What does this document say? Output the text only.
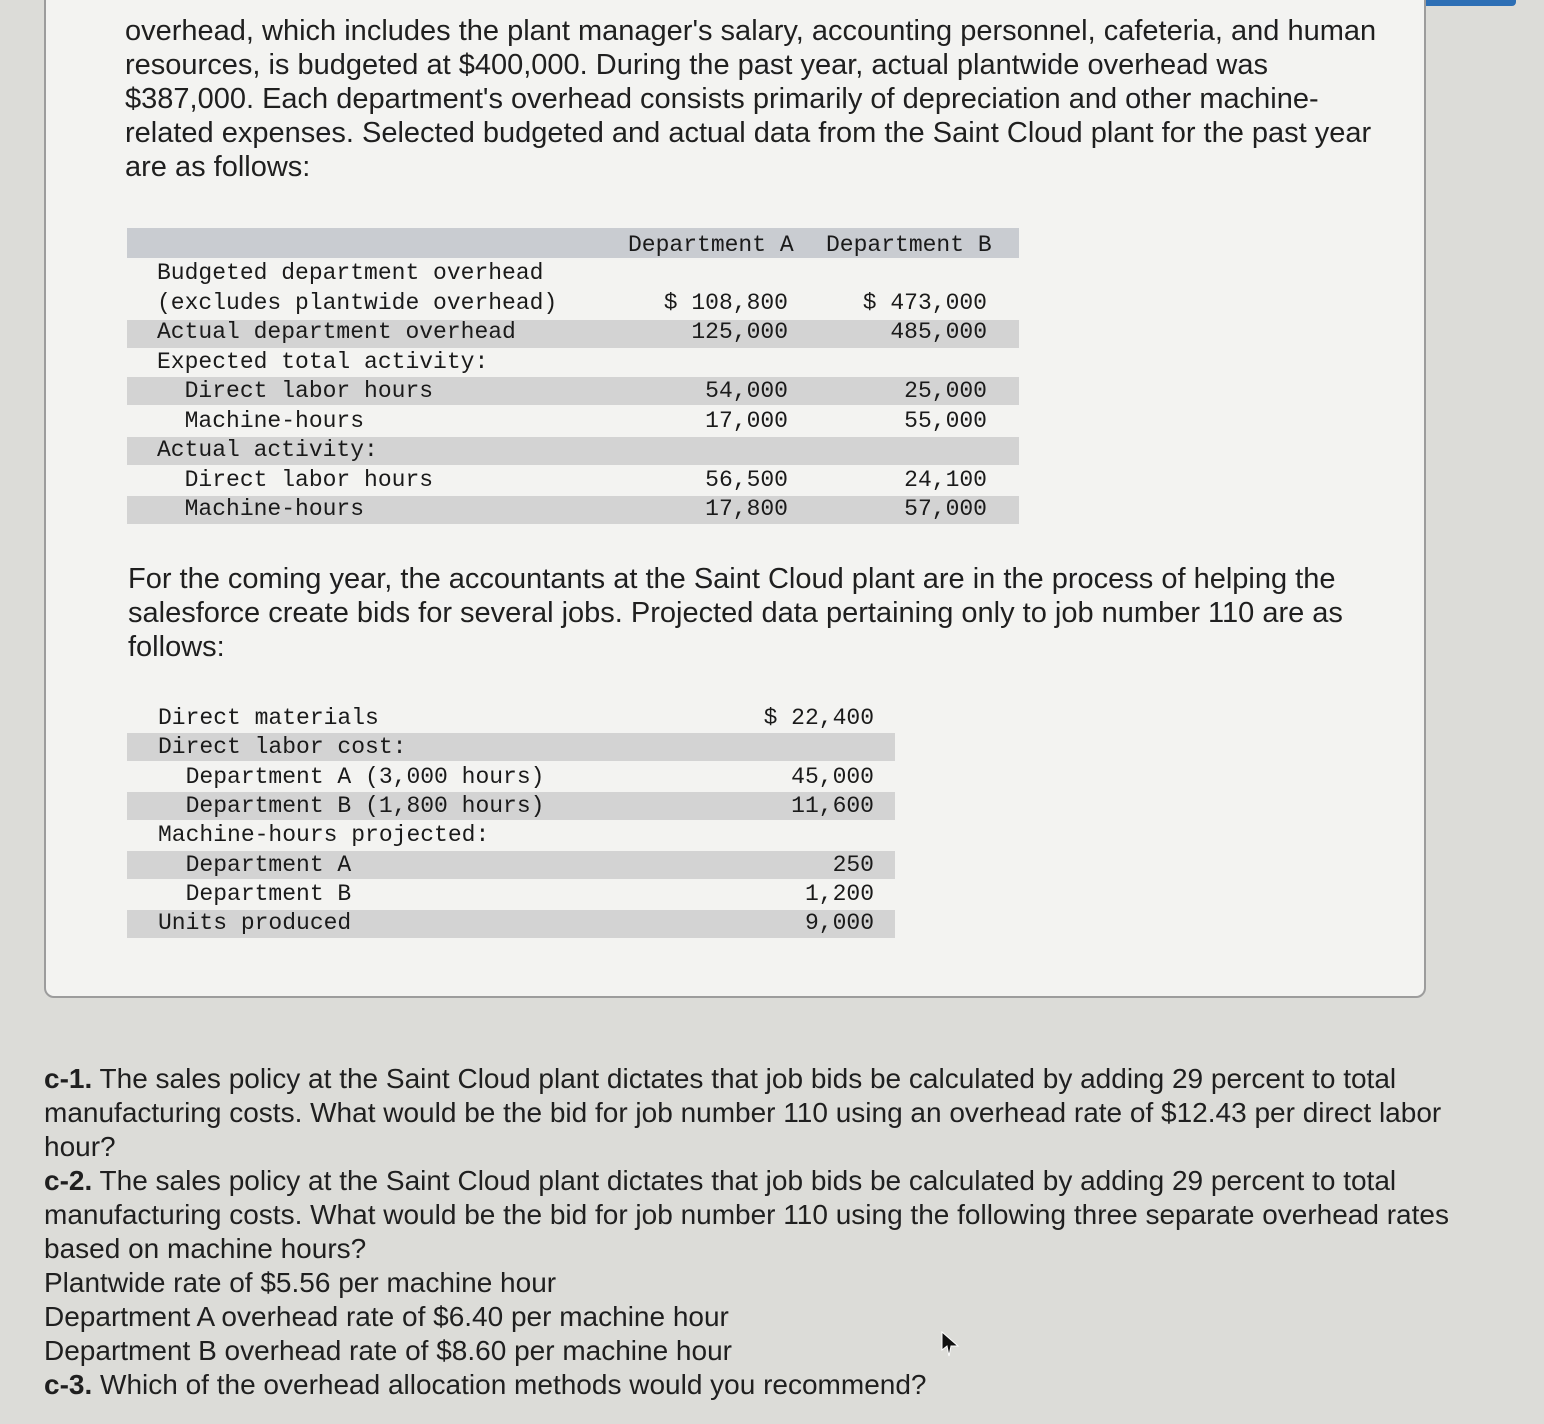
overhead, which includes the plant manager's salary, accounting personnel, cafeteria, and human resources, is budgeted at $400,000. During the past year, actual plantwide overhead was $387,000. Each department's overhead consists primarily of depreciation and other machine-related expenses. Selected budgeted and actual data from the Saint Cloud plant for the past year are as follows:

Department A Department B
Budgeted department overhead
(excludes plantwide overhead)	$ 108,800	$ 473,000
Actual department overhead	125,000	485,000
Expected total activity:
Direct labor hours	54,000	25,000
Machine-hours	17,000	55,000
Actual activity:
Direct labor hours	56,500	24,100
Machine-hours	17,800	57,000

For the coming year, the accountants at the Saint Cloud plant are in the process of helping the salesforce create bids for several jobs. Projected data pertaining only to job number 110 are as follows:

Direct materials	$ 22,400
Direct labor cost:
Department A (3,000 hours)	45,000
Department B (1,800 hours)	11,600
Machine-hours projected:
Department A	250
Department B	1,200
Units produced	9,000

c-1. The sales policy at the Saint Cloud plant dictates that job bids be calculated by adding 29 percent to total manufacturing costs. What would be the bid for job number 110 using an overhead rate of $12.43 per direct labor hour?

c-2. The sales policy at the Saint Cloud plant dictates that job bids be calculated by adding 29 percent to total manufacturing costs. What would be the bid for job number 110 using the following three separate overhead rates based on machine hours?

Plantwide rate of $5.56 per machine hour

Department A overhead rate of $6.40 per machine hour

Department B overhead rate of $8.60 per machine hour

c-3. Which of the overhead allocation methods would you recommend?
